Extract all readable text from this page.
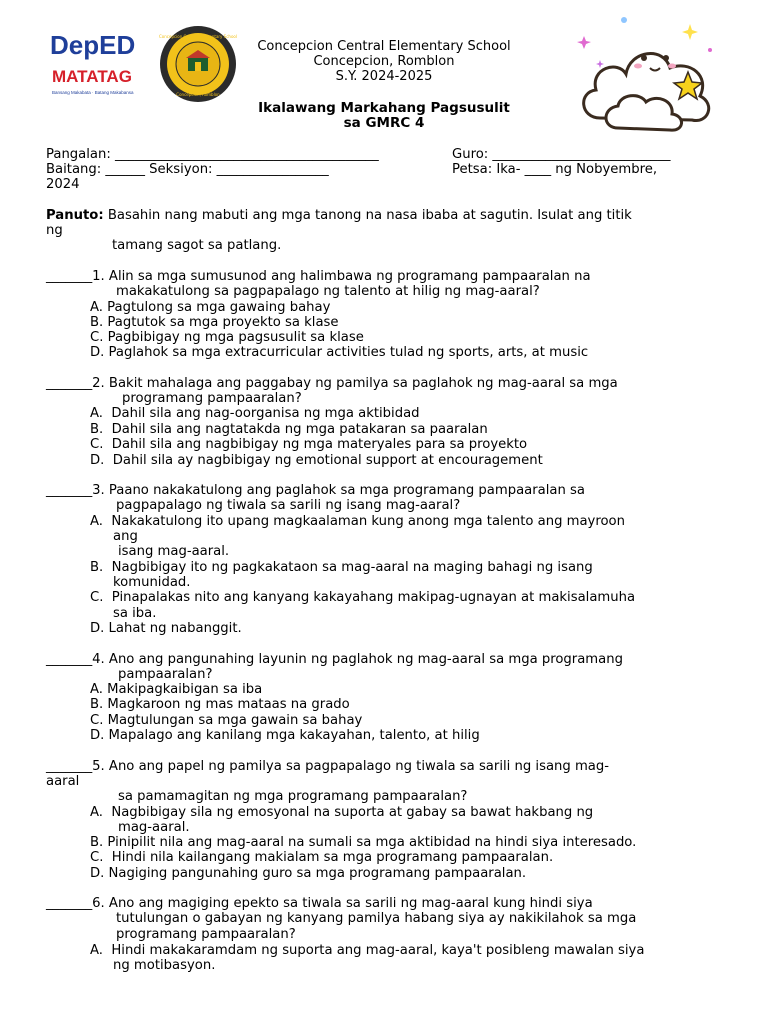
DepED
MATATAG
Bansang Makabata · Batang Makabansa
Concepcion Central Elementary School
Concepcion, Romblon
Concepcion Central Elementary School
Concepcion, Romblon
S.Y. 2024-2025
Ikalawang Markahang Pagsusulit
sa GMRC 4
Pangalan: ________________________________________	Guro: ___________________________
Baitang: ______ Seksiyon: _________________	Petsa: Ika- ____ ng Nobyembre,
2024
Panuto: Basahin nang mabuti ang mga tanong na nasa ibaba at sagutin. Isulat ang titik
ng
tamang sagot sa patlang.
_______1. Alin sa mga sumusunod ang halimbawa ng programang pampaaralan na
makakatulong sa pagpapalago ng talento at hilig ng mag-aaral?
A. Pagtulong sa mga gawaing bahay
B. Pagtutok sa mga proyekto sa klase
C. Pagbibigay ng mga pagsusulit sa klase
D. Paglahok sa mga extracurricular activities tulad ng sports, arts, at music
_______2. Bakit mahalaga ang paggabay ng pamilya sa paglahok ng mag-aaral sa mga
programang pampaaralan?
A.  Dahil sila ang nag-oorganisa ng mga aktibidad
B.  Dahil sila ang nagtatakda ng mga patakaran sa paaralan
C.  Dahil sila ang nagbibigay ng mga materyales para sa proyekto
D.  Dahil sila ay nagbibigay ng emotional support at encouragement
_______3. Paano nakakatulong ang paglahok sa mga programang pampaaralan sa
pagpapalago ng tiwala sa sarili ng isang mag-aaral?
A.  Nakakatulong ito upang magkaalaman kung anong mga talento ang mayroon
ang
isang mag-aaral.
B.  Nagbibigay ito ng pagkakataon sa mag-aaral na maging bahagi ng isang
komunidad.
C.  Pinapalakas nito ang kanyang kakayahang makipag-ugnayan at makisalamuha
sa iba.
D. Lahat ng nabanggit.
_______4. Ano ang pangunahing layunin ng paglahok ng mag-aaral sa mga programang
pampaaralan?
A. Makipagkaibigan sa iba
B. Magkaroon ng mas mataas na grado
C. Magtulungan sa mga gawain sa bahay
D. Mapalago ang kanilang mga kakayahan, talento, at hilig
_______5. Ano ang papel ng pamilya sa pagpapalago ng tiwala sa sarili ng isang mag-
aaral
sa pamamagitan ng mga programang pampaaralan?
A.  Nagbibigay sila ng emosyonal na suporta at gabay sa bawat hakbang ng
mag-aaral.
B. Pinipilit nila ang mag-aaral na sumali sa mga aktibidad na hindi siya interesado.
C.  Hindi nila kailangang makialam sa mga programang pampaaralan.
D. Nagiging pangunahing guro sa mga programang pampaaralan.
_______6. Ano ang magiging epekto sa tiwala sa sarili ng mag-aaral kung hindi siya
tutulungan o gabayan ng kanyang pamilya habang siya ay nakikilahok sa mga
programang pampaaralan?
A.  Hindi makakaramdam ng suporta ang mag-aaral, kaya't posibleng mawalan siya
ng motibasyon.
